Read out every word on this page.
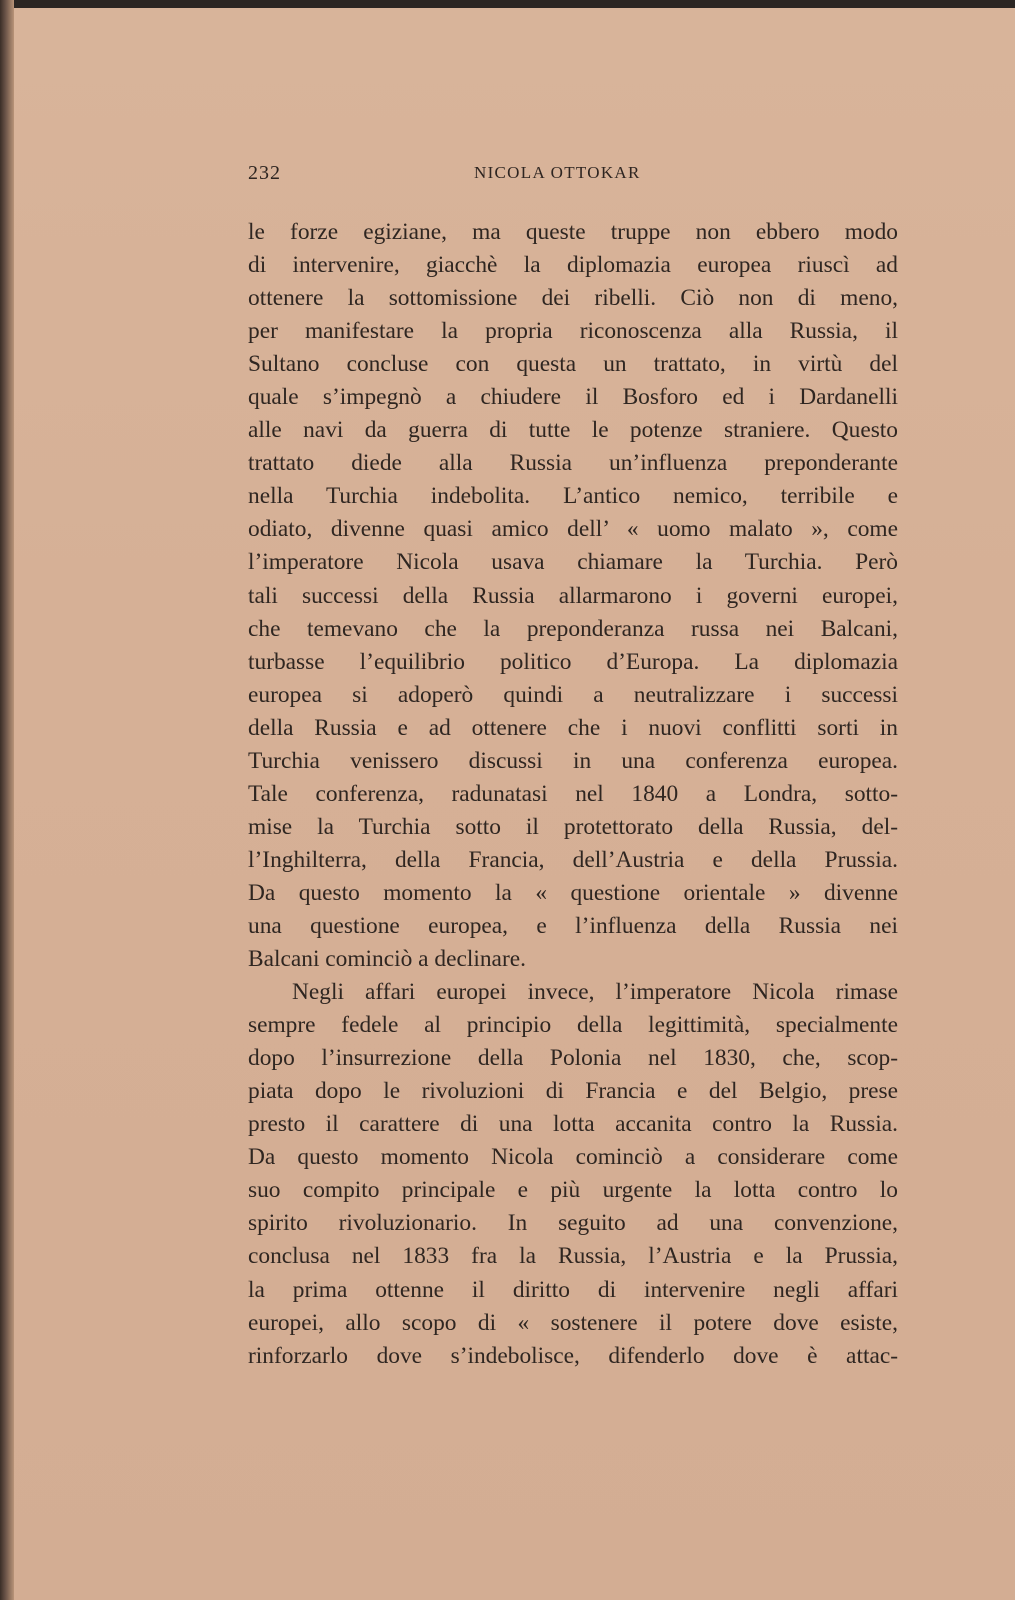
232	NICOLA OTTOKAR
le forze egiziane, ma queste truppe non ebbero modo
di intervenire, giacchè la diplomazia europea riuscì ad
ottenere la sottomissione dei ribelli. Ciò non di meno,
per manifestare la propria riconoscenza alla Russia, il
Sultano concluse con questa un trattato, in virtù del
quale s’impegnò a chiudere il Bosforo ed i Dardanelli
alle navi da guerra di tutte le potenze straniere. Questo
trattato diede alla Russia un’influenza preponderante
nella Turchia indebolita. L’antico nemico, terribile e
odiato, divenne quasi amico dell’ « uomo malato », come
l’imperatore Nicola usava chiamare la Turchia. Però
tali successi della Russia allarmarono i governi europei,
che temevano che la preponderanza russa nei Balcani,
turbasse l’equilibrio politico d’Europa. La diplomazia
europea si adoperò quindi a neutralizzare i successi
della Russia e ad ottenere che i nuovi conflitti sorti in
Turchia venissero discussi in una conferenza europea.
Tale conferenza, radunatasi nel 1840 a Londra, sotto-
mise la Turchia sotto il protettorato della Russia, del-
l’Inghilterra, della Francia, dell’Austria e della Prussia.
Da questo momento la « questione orientale » divenne
una questione europea, e l’influenza della Russia nei
Balcani cominciò a declinare.
Negli affari europei invece, l’imperatore Nicola rimase
sempre fedele al principio della legittimità, specialmente
dopo l’insurrezione della Polonia nel 1830, che, scop-
piata dopo le rivoluzioni di Francia e del Belgio, prese
presto il carattere di una lotta accanita contro la Russia.
Da questo momento Nicola cominciò a considerare come
suo compito principale e più urgente la lotta contro lo
spirito rivoluzionario. In seguito ad una convenzione,
conclusa nel 1833 fra la Russia, l’Austria e la Prussia,
la prima ottenne il diritto di intervenire negli affari
europei, allo scopo di « sostenere il potere dove esiste,
rinforzarlo dove s’indebolisce, difenderlo dove è attac-
